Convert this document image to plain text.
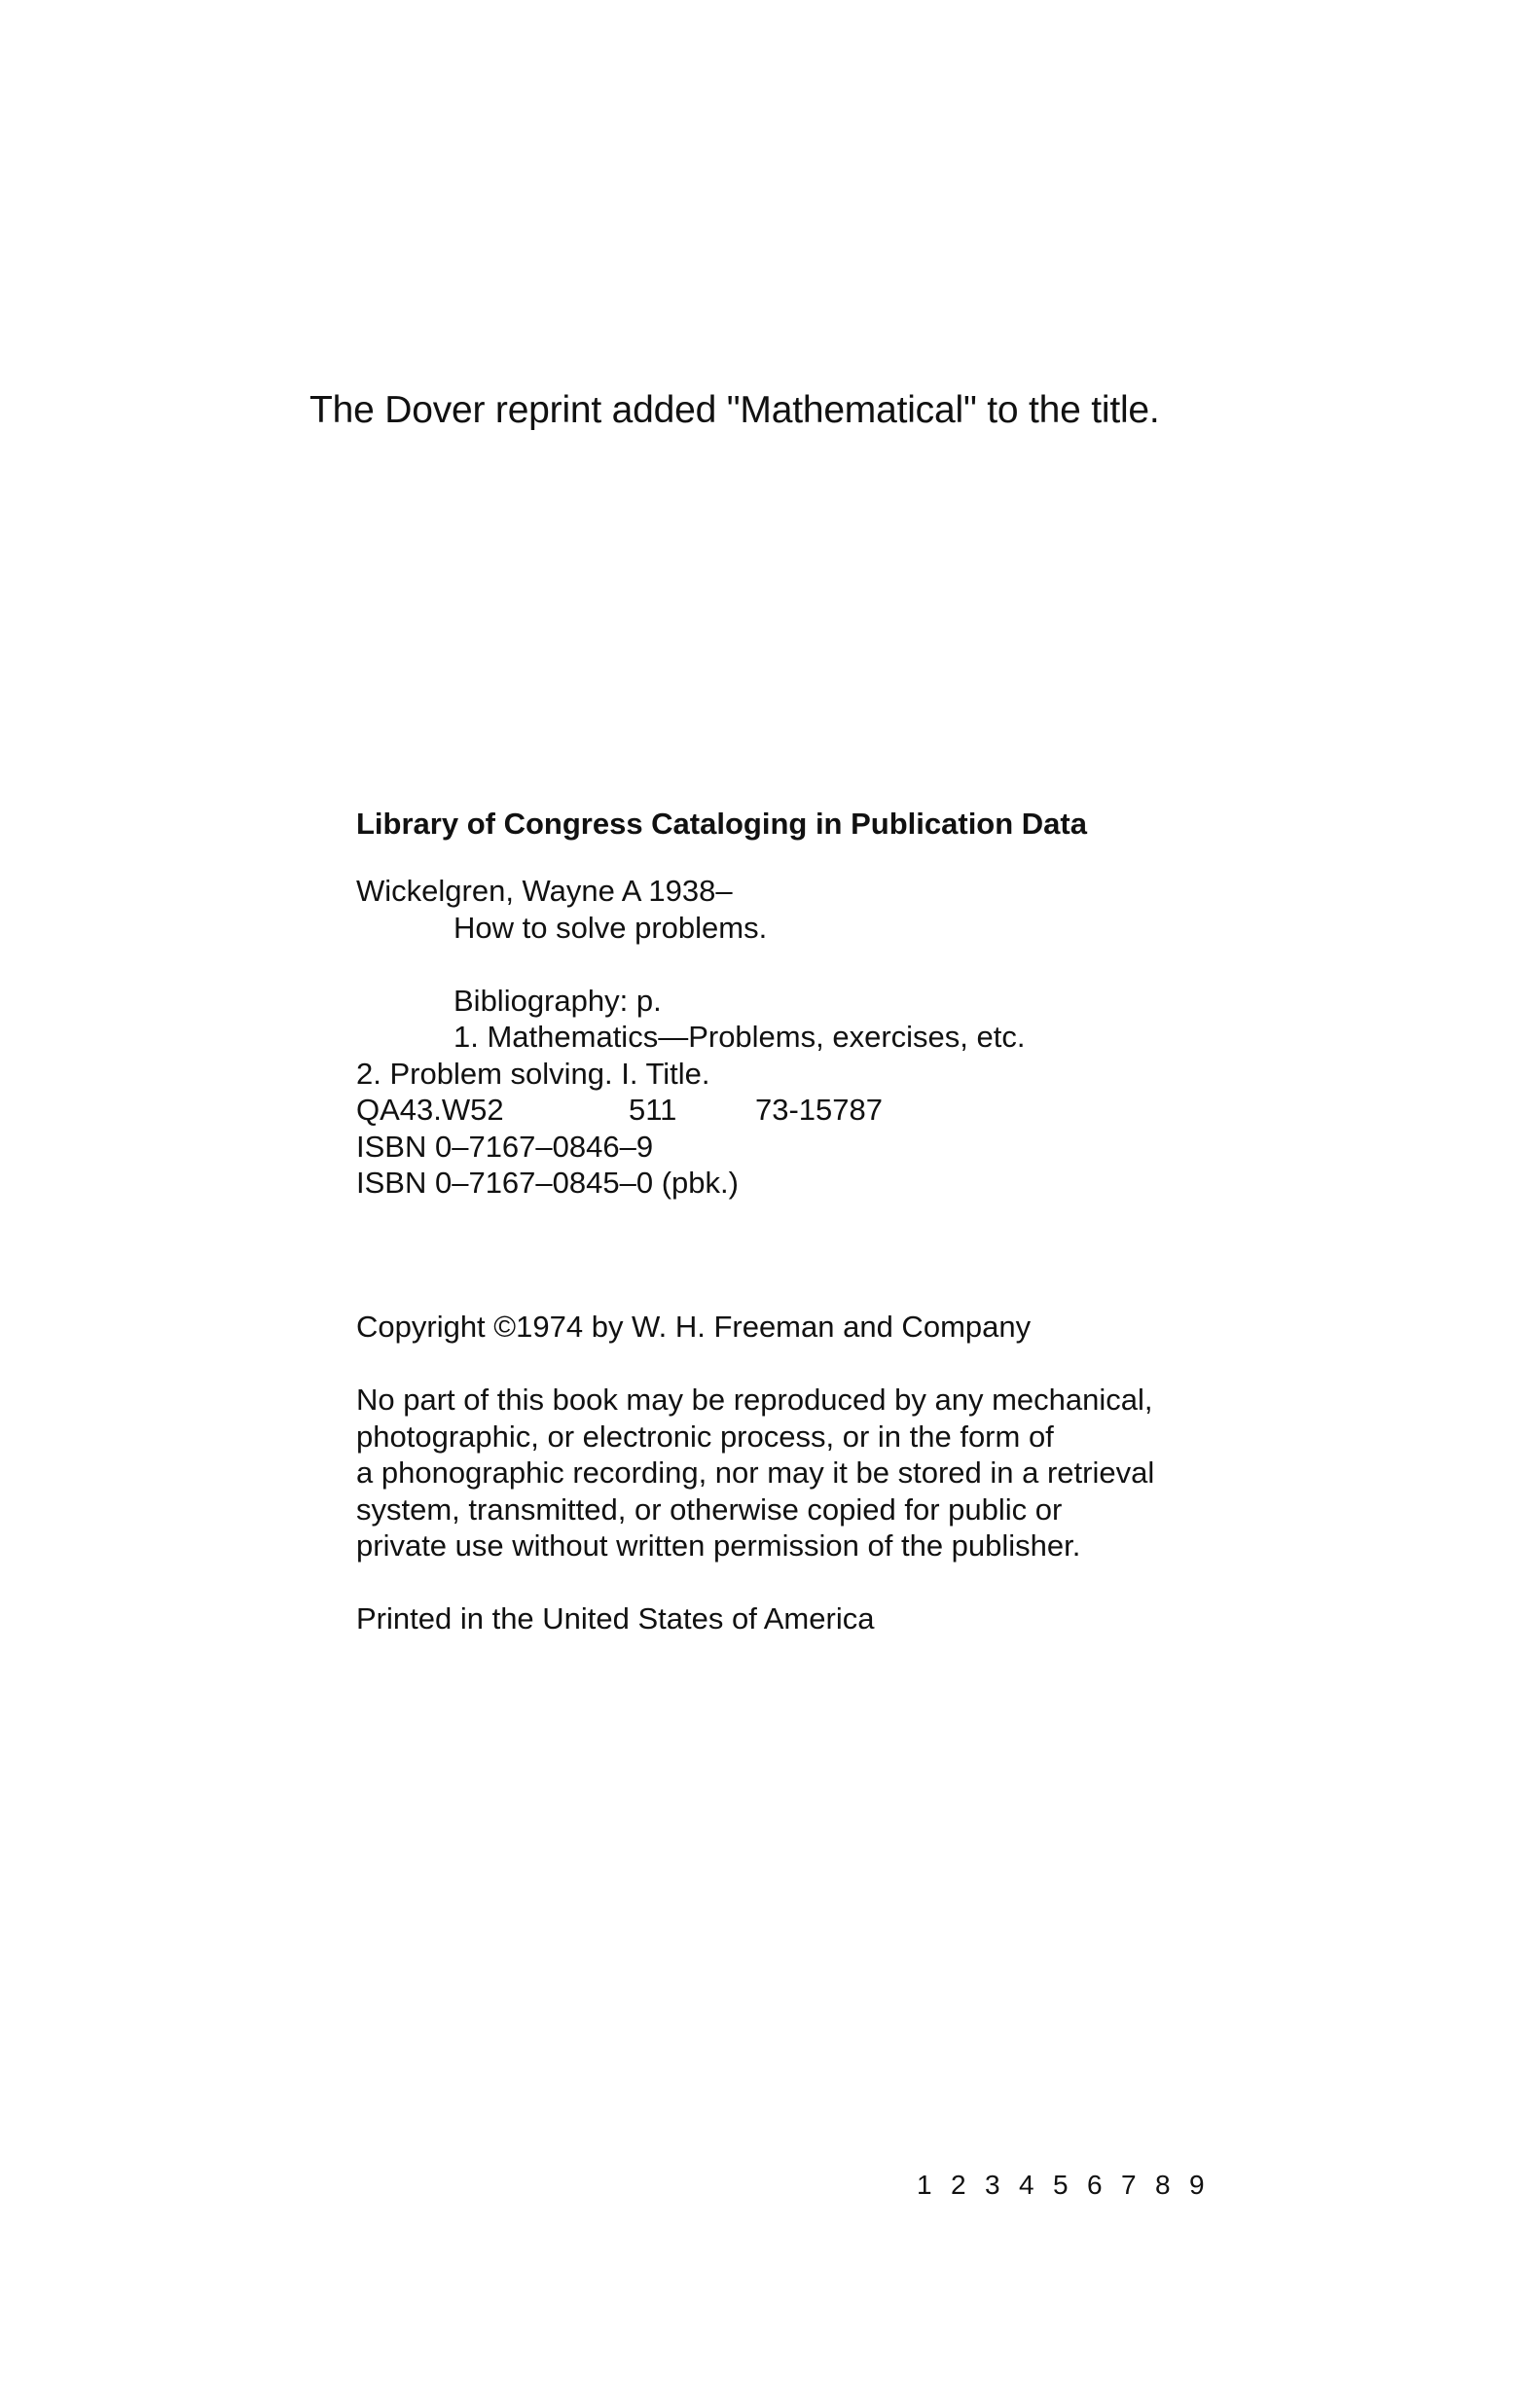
The Dover reprint added "Mathematical" to the title.
Library of Congress Cataloging in Publication Data
Wickelgren, Wayne A 1938–
How to solve problems.
Bibliography: p.
1. Mathematics—Problems, exercises, etc.
2. Problem solving. I. Title.
QA43.W52	511	73-15787
ISBN 0–7167–0846–9
ISBN 0–7167–0845–0 (pbk.)
Copyright ©1974 by W. H. Freeman and Company
No part of this book may be reproduced by any mechanical,
photographic, or electronic process, or in the form of
a phonographic recording, nor may it be stored in a retrieval
system, transmitted, or otherwise copied for public or
private use without written permission of the publisher.
Printed in the United States of America
1 2 3 4 5 6 7 8 9
